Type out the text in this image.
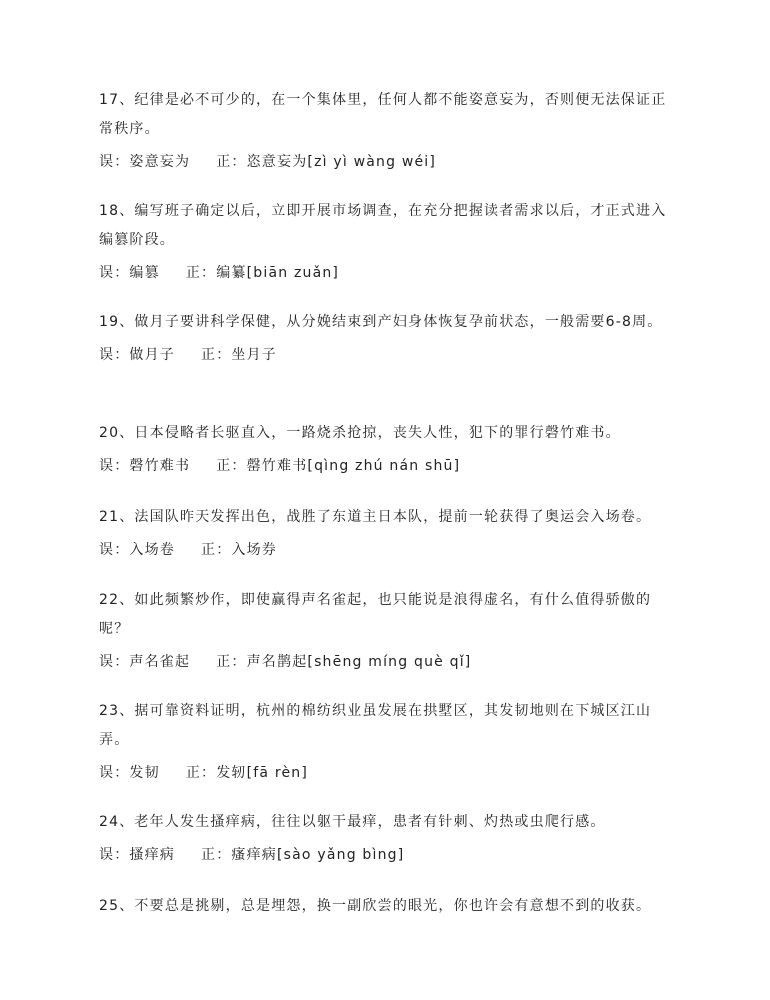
17、纪律是必不可少的，在一个集体里，任何人都不能姿意妄为，否则便无法保证正常秩序。

误：姿意妄为 正：恣意妄为[zì yì wàng wéi]

18、编写班子确定以后，立即开展市场调查，在充分把握读者需求以后，才正式进入编篡阶段。

误：编篡 正：编纂[biān zuǎn]

19、做月子要讲科学保健，从分娩结束到产妇身体恢复孕前状态，一般需要6-8周。

误：做月子 正：坐月子

20、日本侵略者长驱直入，一路烧杀抢掠，丧失人性，犯下的罪行磬竹难书。

误：磬竹难书 正：罄竹难书[qìng zhú nán shū]

21、法国队昨天发挥出色，战胜了东道主日本队，提前一轮获得了奥运会入场卷。

误：入场卷 正：入场券

22、如此频繁炒作，即使赢得声名雀起，也只能说是浪得虚名，有什么值得骄傲的呢？

误：声名雀起 正：声名鹊起[shēng míng què qǐ]

23、据可靠资料证明，杭州的棉纺织业虽发展在拱墅区，其发韧地则在下城区江山弄。

误：发韧 正：发轫[fā rèn]

24、老年人发生搔痒病，往往以躯干最痒，患者有针刺、灼热或虫爬行感。

误：搔痒病 正：瘙痒病[sào yǎng bìng]

25、不要总是挑剔，总是埋怨，换一副欣尝的眼光，你也许会有意想不到的收获。
